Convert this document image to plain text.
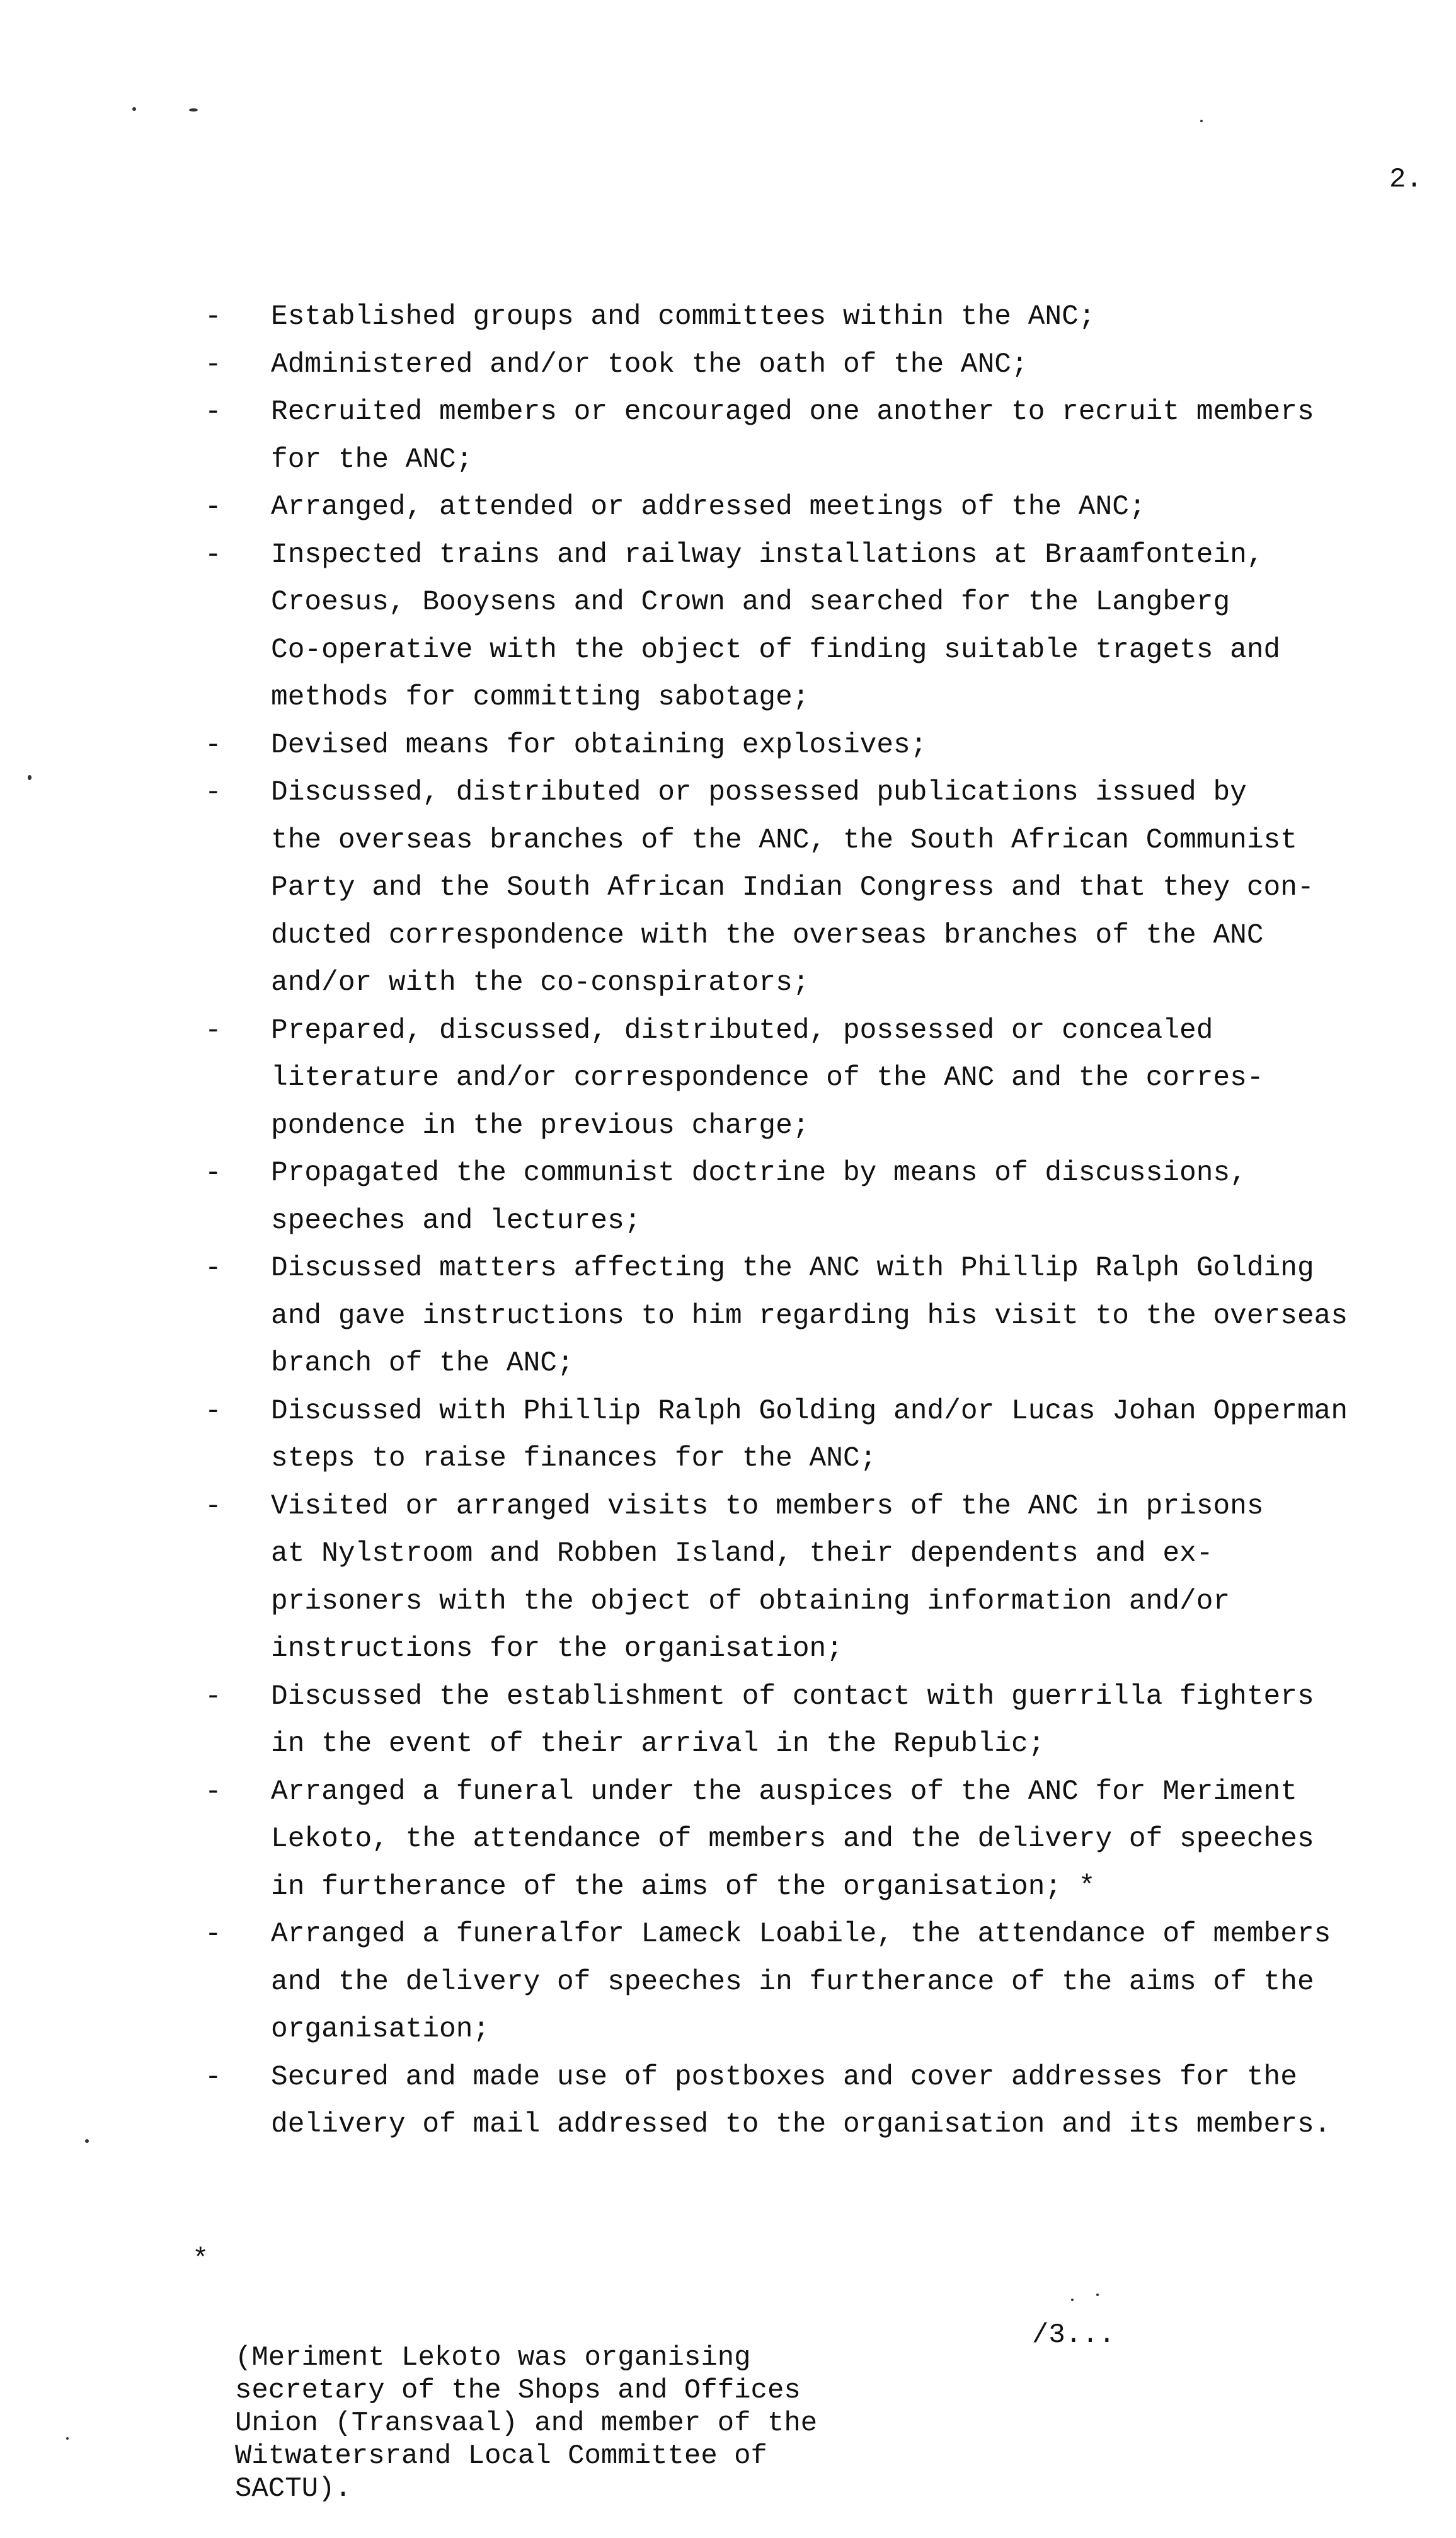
2.
- Established groups and committees within the ANC;
- Administered and/or took the oath of the ANC;
- Recruited members or encouraged one another to recruit members
for the ANC;
- Arranged, attended or addressed meetings of the ANC;
- Inspected trains and railway installations at Braamfontein,
Croesus, Booysens and Crown and searched for the Langberg
Co-operative with the object of finding suitable tragets and
methods for committing sabotage;
- Devised means for obtaining explosives;
- Discussed, distributed or possessed publications issued by
the overseas branches of the ANC, the South African Communist
Party and the South African Indian Congress and that they con-
ducted correspondence with the overseas branches of the ANC
and/or with the co-conspirators;
- Prepared, discussed, distributed, possessed or concealed
literature and/or correspondence of the ANC and the corres-
pondence in the previous charge;
- Propagated the communist doctrine by means of discussions,
speeches and lectures;
- Discussed matters affecting the ANC with Phillip Ralph Golding
and gave instructions to him regarding his visit to the overseas
branch of the ANC;
- Discussed with Phillip Ralph Golding and/or Lucas Johan Opperman
steps to raise finances for the ANC;
- Visited or arranged visits to members of the ANC in prisons
at Nylstroom and Robben Island, their dependents and ex-
prisoners with the object of obtaining information and/or
instructions for the organisation;
- Discussed the establishment of contact with guerrilla fighters
in the event of their arrival in the Republic;
- Arranged a funeral under the auspices of the ANC for Meriment
Lekoto, the attendance of members and the delivery of speeches
in furtherance of the aims of the organisation; *
- Arranged a funeralfor Lameck Loabile, the attendance of members
and the delivery of speeches in furtherance of the aims of the
organisation;
- Secured and made use of postboxes and cover addresses for the
delivery of mail addressed to the organisation and its members.

*

(Meriment Lekoto was organising
secretary of the Shops and Offices
Union (Transvaal) and member of the
Witwatersrand Local Committee of
SACTU).

/3...
